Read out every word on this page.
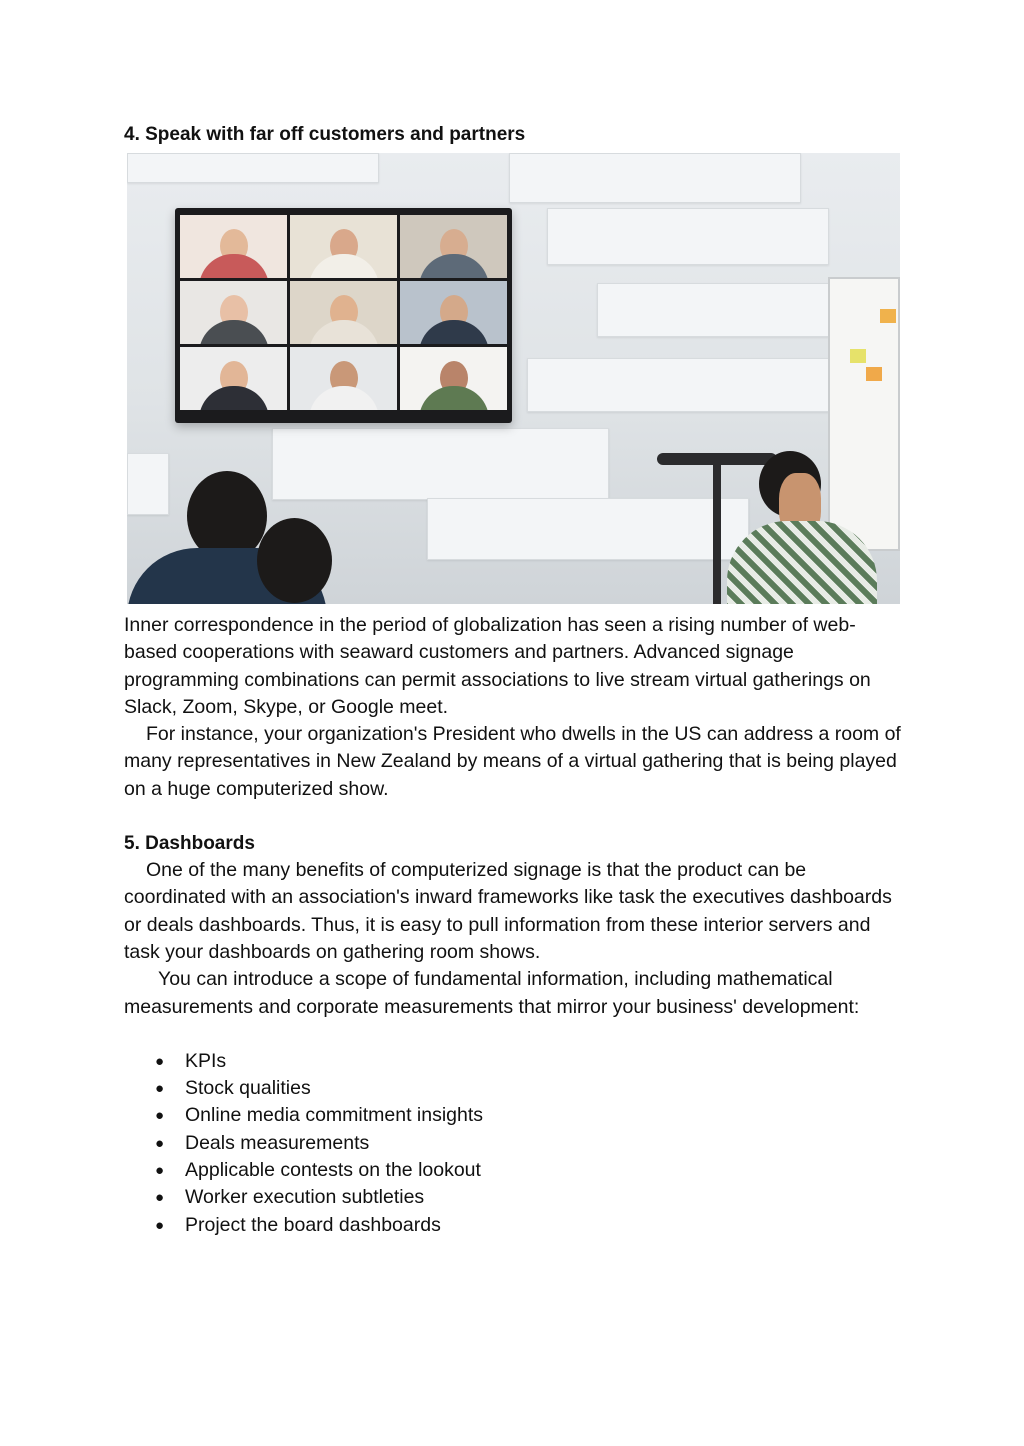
4. Speak with far off customers and partners

Inner correspondence in the period of globalization has seen a rising number of web-based cooperations with seaward customers and partners. Advanced signage programming combinations can permit associations to live stream virtual gatherings on Slack, Zoom, Skype, or Google meet.

For instance, your organization's President who dwells in the US can address a room of many representatives in New Zealand by means of a virtual gathering that is being played on a huge computerized show.

5. Dashboards

One of the many benefits of computerized signage is that the product can be coordinated with an association's inward frameworks like task the executives dashboards or deals dashboards. Thus, it is easy to pull information from these interior servers and task your dashboards on gathering room shows.

You can introduce a scope of fundamental information, including mathematical measurements and corporate measurements that mirror your business' development:

● KPIs
● Stock qualities
● Online media commitment insights
● Deals measurements
● Applicable contests on the lookout
● Worker execution subtleties
● Project the board dashboards
